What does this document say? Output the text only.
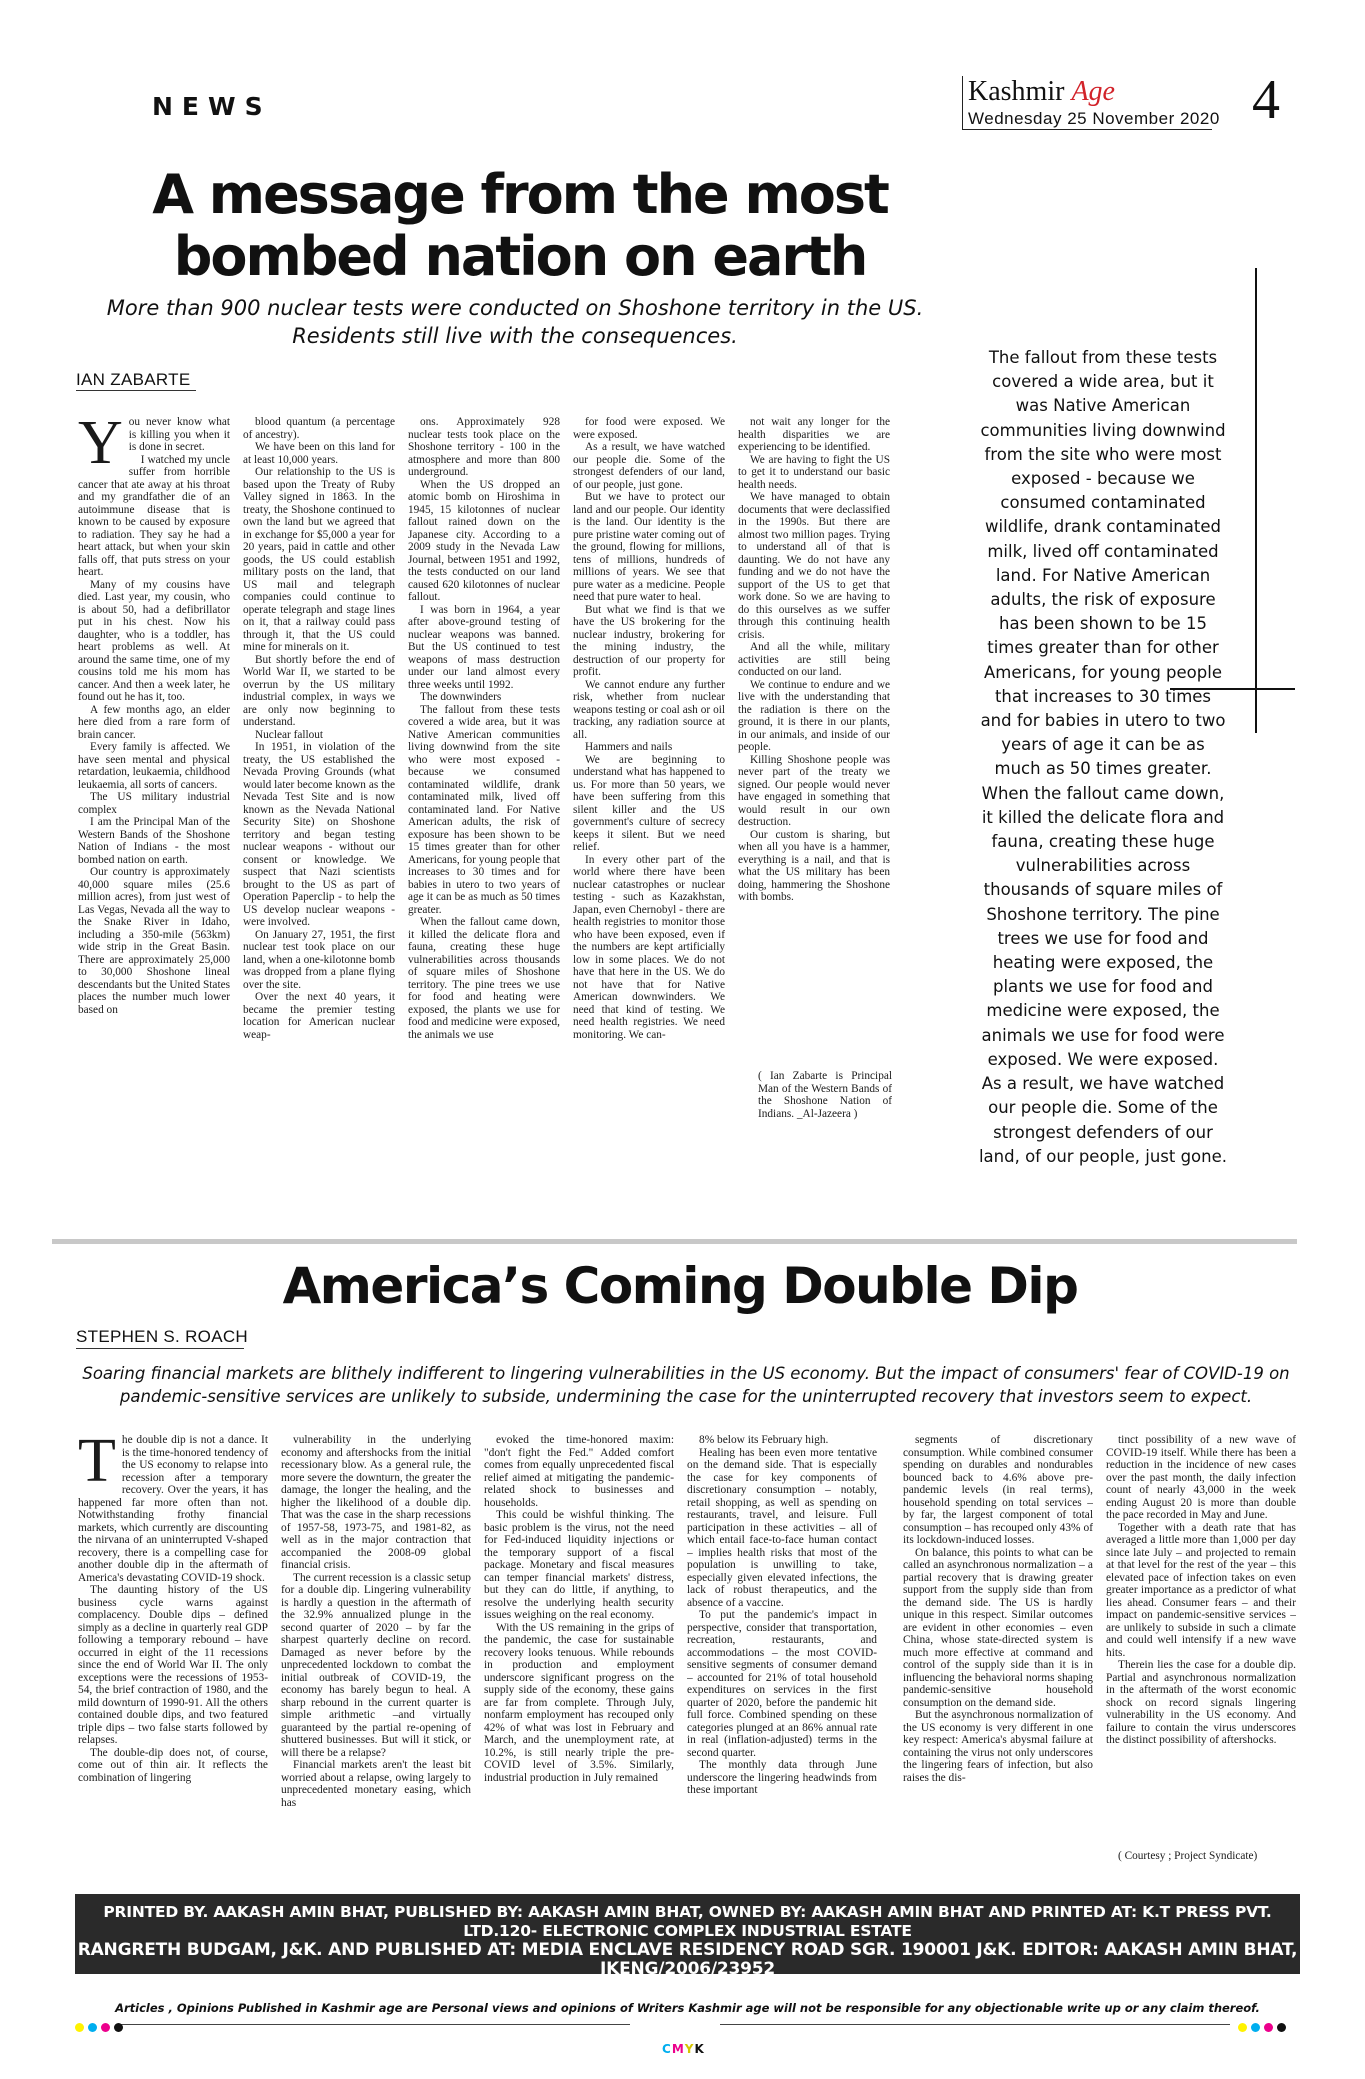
NEWS	Kashmir Age
Wednesday 25 November 2020 4
A message from the most
bombed nation on earth
More than 900 nuclear tests were conducted on Shoshone territory in the US.
Residents still live with the consequences.
IAN ZABARTE
You never know what is killing you when it is done in secret.

I watched my uncle suffer from horrible cancer that ate away at his throat and my grandfather die of an autoimmune disease that is known to be caused by exposure to radiation. They say he had a heart attack, but when your skin falls off, that puts stress on your heart.

Many of my cousins have died. Last year, my cousin, who is about 50, had a defibrillator put in his chest. Now his daughter, who is a toddler, has heart problems as well. At around the same time, one of my cousins told me his mom has cancer. And then a week later, he found out he has it, too.

A few months ago, an elder here died from a rare form of brain cancer.

Every family is affected. We have seen mental and physical retardation, leukaemia, childhood leukaemia, all sorts of cancers.

The US military industrial complex

I am the Principal Man of the Western Bands of the Shoshone Nation of Indians - the most bombed nation on earth.

Our country is approximately 40,000 square miles (25.6 million acres), from just west of Las Vegas, Nevada all the way to the Snake River in Idaho, including a 350-mile (563km) wide strip in the Great Basin. There are approximately 25,000 to 30,000 Shoshone lineal descendants but the United States places the number much lower based on

blood quantum (a percentage of ancestry).

We have been on this land for at least 10,000 years.

Our relationship to the US is based upon the Treaty of Ruby Valley signed in 1863. In the treaty, the Shoshone continued to own the land but we agreed that in exchange for $5,000 a year for 20 years, paid in cattle and other goods, the US could establish military posts on the land, that US mail and telegraph companies could continue to operate telegraph and stage lines on it, that a railway could pass through it, that the US could mine for minerals on it.

But shortly before the end of World War II, we started to be overrun by the US military industrial complex, in ways we are only now beginning to understand.

Nuclear fallout

In 1951, in violation of the treaty, the US established the Nevada Proving Grounds (what would later become known as the Nevada Test Site and is now known as the Nevada National Security Site) on Shoshone territory and began testing nuclear weapons - without our consent or knowledge. We suspect that Nazi scientists brought to the US as part of Operation Paperclip - to help the US develop nuclear weapons - were involved.

On January 27, 1951, the first nuclear test took place on our land, when a one-kilotonne bomb was dropped from a plane flying over the site.

Over the next 40 years, it became the premier testing location for American nuclear weap-

ons. Approximately 928 nuclear tests took place on the Shoshone territory - 100 in the atmosphere and more than 800 underground.

When the US dropped an atomic bomb on Hiroshima in 1945, 15 kilotonnes of nuclear fallout rained down on the Japanese city. According to a 2009 study in the Nevada Law Journal, between 1951 and 1992, the tests conducted on our land caused 620 kilotonnes of nuclear fallout.

I was born in 1964, a year after above-ground testing of nuclear weapons was banned. But the US continued to test weapons of mass destruction under our land almost every three weeks until 1992.

The downwinders

The fallout from these tests covered a wide area, but it was Native American communities living downwind from the site who were most exposed - because we consumed contaminated wildlife, drank contaminated milk, lived off contaminated land. For Native American adults, the risk of exposure has been shown to be 15 times greater than for other Americans, for young people that increases to 30 times and for babies in utero to two years of age it can be as much as 50 times greater.

When the fallout came down, it killed the delicate flora and fauna, creating these huge vulnerabilities across thousands of square miles of Shoshone territory. The pine trees we use for food and heating were exposed, the plants we use for food and medicine were exposed, the animals we use

for food were exposed. We were exposed.

As a result, we have watched our people die. Some of the strongest defenders of our land, of our people, just gone.

But we have to protect our land and our people. Our identity is the land. Our identity is the pure pristine water coming out of the ground, flowing for millions, tens of millions, hundreds of millions of years. We see that pure water as a medicine. People need that pure water to heal.

But what we find is that we have the US brokering for the nuclear industry, brokering for the mining industry, the destruction of our property for profit.

We cannot endure any further risk, whether from nuclear weapons testing or coal ash or oil tracking, any radiation source at all.

Hammers and nails

We are beginning to understand what has happened to us. For more than 50 years, we have been suffering from this silent killer and the US government's culture of secrecy keeps it silent. But we need relief.

In every other part of the world where there have been nuclear catastrophes or nuclear testing - such as Kazakhstan, Japan, even Chernobyl - there are health registries to monitor those who have been exposed, even if the numbers are kept artificially low in some places. We do not have that here in the US. We do not have that for Native American downwinders. We need that kind of testing. We need health registries. We need monitoring. We can-

not wait any longer for the health disparities we are experiencing to be identified.

We are having to fight the US to get it to understand our basic health needs.

We have managed to obtain documents that were declassified in the 1990s. But there are almost two million pages. Trying to understand all of that is daunting. We do not have any funding and we do not have the support of the US to get that work done. So we are having to do this ourselves as we suffer through this continuing health crisis.

And all the while, military activities are still being conducted on our land.

We continue to endure and we live with the understanding that the radiation is there on the ground, it is there in our plants, in our animals, and inside of our people.

Killing Shoshone people was never part of the treaty we signed. Our people would never have engaged in something that would result in our own destruction.

Our custom is sharing, but when all you have is a hammer, everything is a nail, and that is what the US military has been doing, hammering the Shoshone with bombs.

( Ian Zabarte is Principal Man of the Western Bands of the Shoshone Nation of Indians. _Al-Jazeera )
The fallout from these tests covered a wide area, but it was Native American communities living downwind from the site who were most exposed - because we consumed contaminated wildlife, drank contaminated milk, lived off contaminated land. For Native American adults, the risk of exposure has been shown to be 15 times greater than for other Americans, for young people that increases to 30 times and for babies in utero to two years of age it can be as much as 50 times greater.
When the fallout came down, it killed the delicate flora and fauna, creating these huge vulnerabilities across thousands of square miles of Shoshone territory. The pine trees we use for food and heating were exposed, the plants we use for food and medicine were exposed, the animals we use for food were exposed. We were exposed. As a result, we have watched our people die. Some of the strongest defenders of our land, of our people, just gone.
America’s Coming Double Dip
STEPHEN S. ROACH
Soaring financial markets are blithely indifferent to lingering vulnerabilities in the US economy. But the impact of consumers' fear of COVID-19 on
pandemic-sensitive services are unlikely to subside, undermining the case for the uninterrupted recovery that investors seem to expect.
The double dip is not a dance. It is the time-honored tendency of the US economy to relapse into recession after a temporary recovery. Over the years, it has happened far more often than not. Notwithstanding frothy financial markets, which currently are discounting the nirvana of an uninterrupted V-shaped recovery, there is a compelling case for another double dip in the aftermath of America's devastating COVID-19 shock.

The daunting history of the US business cycle warns against complacency. Double dips – defined simply as a decline in quarterly real GDP following a temporary rebound – have occurred in eight of the 11 recessions since the end of World War II. The only exceptions were the recessions of 1953-54, the brief contraction of 1980, and the mild downturn of 1990-91. All the others contained double dips, and two featured triple dips – two false starts followed by relapses.

The double-dip does not, of course, come out of thin air. It reflects the combination of lingering

vulnerability in the underlying economy and aftershocks from the initial recessionary blow. As a general rule, the more severe the downturn, the greater the damage, the longer the healing, and the higher the likelihood of a double dip. That was the case in the sharp recessions of 1957-58, 1973-75, and 1981-82, as well as in the major contraction that accompanied the 2008-09 global financial crisis.

The current recession is a classic setup for a double dip. Lingering vulnerability is hardly a question in the aftermath of the 32.9% annualized plunge in the second quarter of 2020 – by far the sharpest quarterly decline on record. Damaged as never before by the unprecedented lockdown to combat the initial outbreak of COVID-19, the economy has barely begun to heal. A sharp rebound in the current quarter is simple arithmetic –and virtually guaranteed by the partial re-opening of shuttered businesses. But will it stick, or will there be a relapse?

Financial markets aren't the least bit worried about a relapse, owing largely to unprecedented monetary easing, which has

evoked the time-honored maxim: "don't fight the Fed." Added comfort comes from equally unprecedented fiscal relief aimed at mitigating the pandemic-related shock to businesses and households.

This could be wishful thinking. The basic problem is the virus, not the need for Fed-induced liquidity injections or the temporary support of a fiscal package. Monetary and fiscal measures can temper financial markets' distress, but they can do little, if anything, to resolve the underlying health security issues weighing on the real economy.

With the US remaining in the grips of the pandemic, the case for sustainable recovery looks tenuous. While rebounds in production and employment underscore significant progress on the supply side of the economy, these gains are far from complete. Through July, nonfarm employment has recouped only 42% of what was lost in February and March, and the unemployment rate, at 10.2%, is still nearly triple the pre-COVID level of 3.5%. Similarly, industrial production in July remained

8% below its February high.

Healing has been even more tentative on the demand side. That is especially the case for key components of discretionary consumption – notably, retail shopping, as well as spending on restaurants, travel, and leisure. Full participation in these activities – all of which entail face-to-face human contact – implies health risks that most of the population is unwilling to take, especially given elevated infections, the lack of robust therapeutics, and the absence of a vaccine.

To put the pandemic's impact in perspective, consider that transportation, recreation, restaurants, and accommodations – the most COVID-sensitive segments of consumer demand – accounted for 21% of total household expenditures on services in the first quarter of 2020, before the pandemic hit full force. Combined spending on these categories plunged at an 86% annual rate in real (inflation-adjusted) terms in the second quarter.

The monthly data through June underscore the lingering headwinds from these important

segments of discretionary consumption. While combined consumer spending on durables and nondurables bounced back to 4.6% above pre-pandemic levels (in real terms), household spending on total services – by far, the largest component of total consumption – has recouped only 43% of its lockdown-induced losses.

On balance, this points to what can be called an asynchronous normalization – a partial recovery that is drawing greater support from the supply side than from the demand side. The US is hardly unique in this respect. Similar outcomes are evident in other economies – even China, whose state-directed system is much more effective at command and control of the supply side than it is in influencing the behavioral norms shaping pandemic-sensitive household consumption on the demand side.

But the asynchronous normalization of the US economy is very different in one key respect: America's abysmal failure at containing the virus not only underscores the lingering fears of infection, but also raises the dis-

tinct possibility of a new wave of COVID-19 itself. While there has been a reduction in the incidence of new cases over the past month, the daily infection count of nearly 43,000 in the week ending August 20 is more than double the pace recorded in May and June.

Together with a death rate that has averaged a little more than 1,000 per day since late July – and projected to remain at that level for the rest of the year – this elevated pace of infection takes on even greater importance as a predictor of what lies ahead. Consumer fears – and their impact on pandemic-sensitive services – are unlikely to subside in such a climate and could well intensify if a new wave hits.

Therein lies the case for a double dip. Partial and asynchronous normalization in the aftermath of the worst economic shock on record signals lingering vulnerability in the US economy. And failure to contain the virus underscores the distinct possibility of aftershocks.

( Courtesy ; Project Syndicate)
PRINTED BY. AAKASH AMIN BHAT, PUBLISHED BY: AAKASH AMIN BHAT, OWNED BY: AAKASH AMIN BHAT AND PRINTED AT: K.T PRESS PVT. LTD.120- ELECTRONIC COMPLEX INDUSTRIAL ESTATE
RANGRETH BUDGAM, J&K. AND PUBLISHED AT: MEDIA ENCLAVE RESIDENCY ROAD SGR. 190001 J&K. EDITOR: AAKASH AMIN BHAT, JKENG/2006/23952
Articles , Opinions Published in Kashmir age are Personal views and opinions of Writers Kashmir age will not be responsible for any objectionable write up or any claim thereof.
CMYK
